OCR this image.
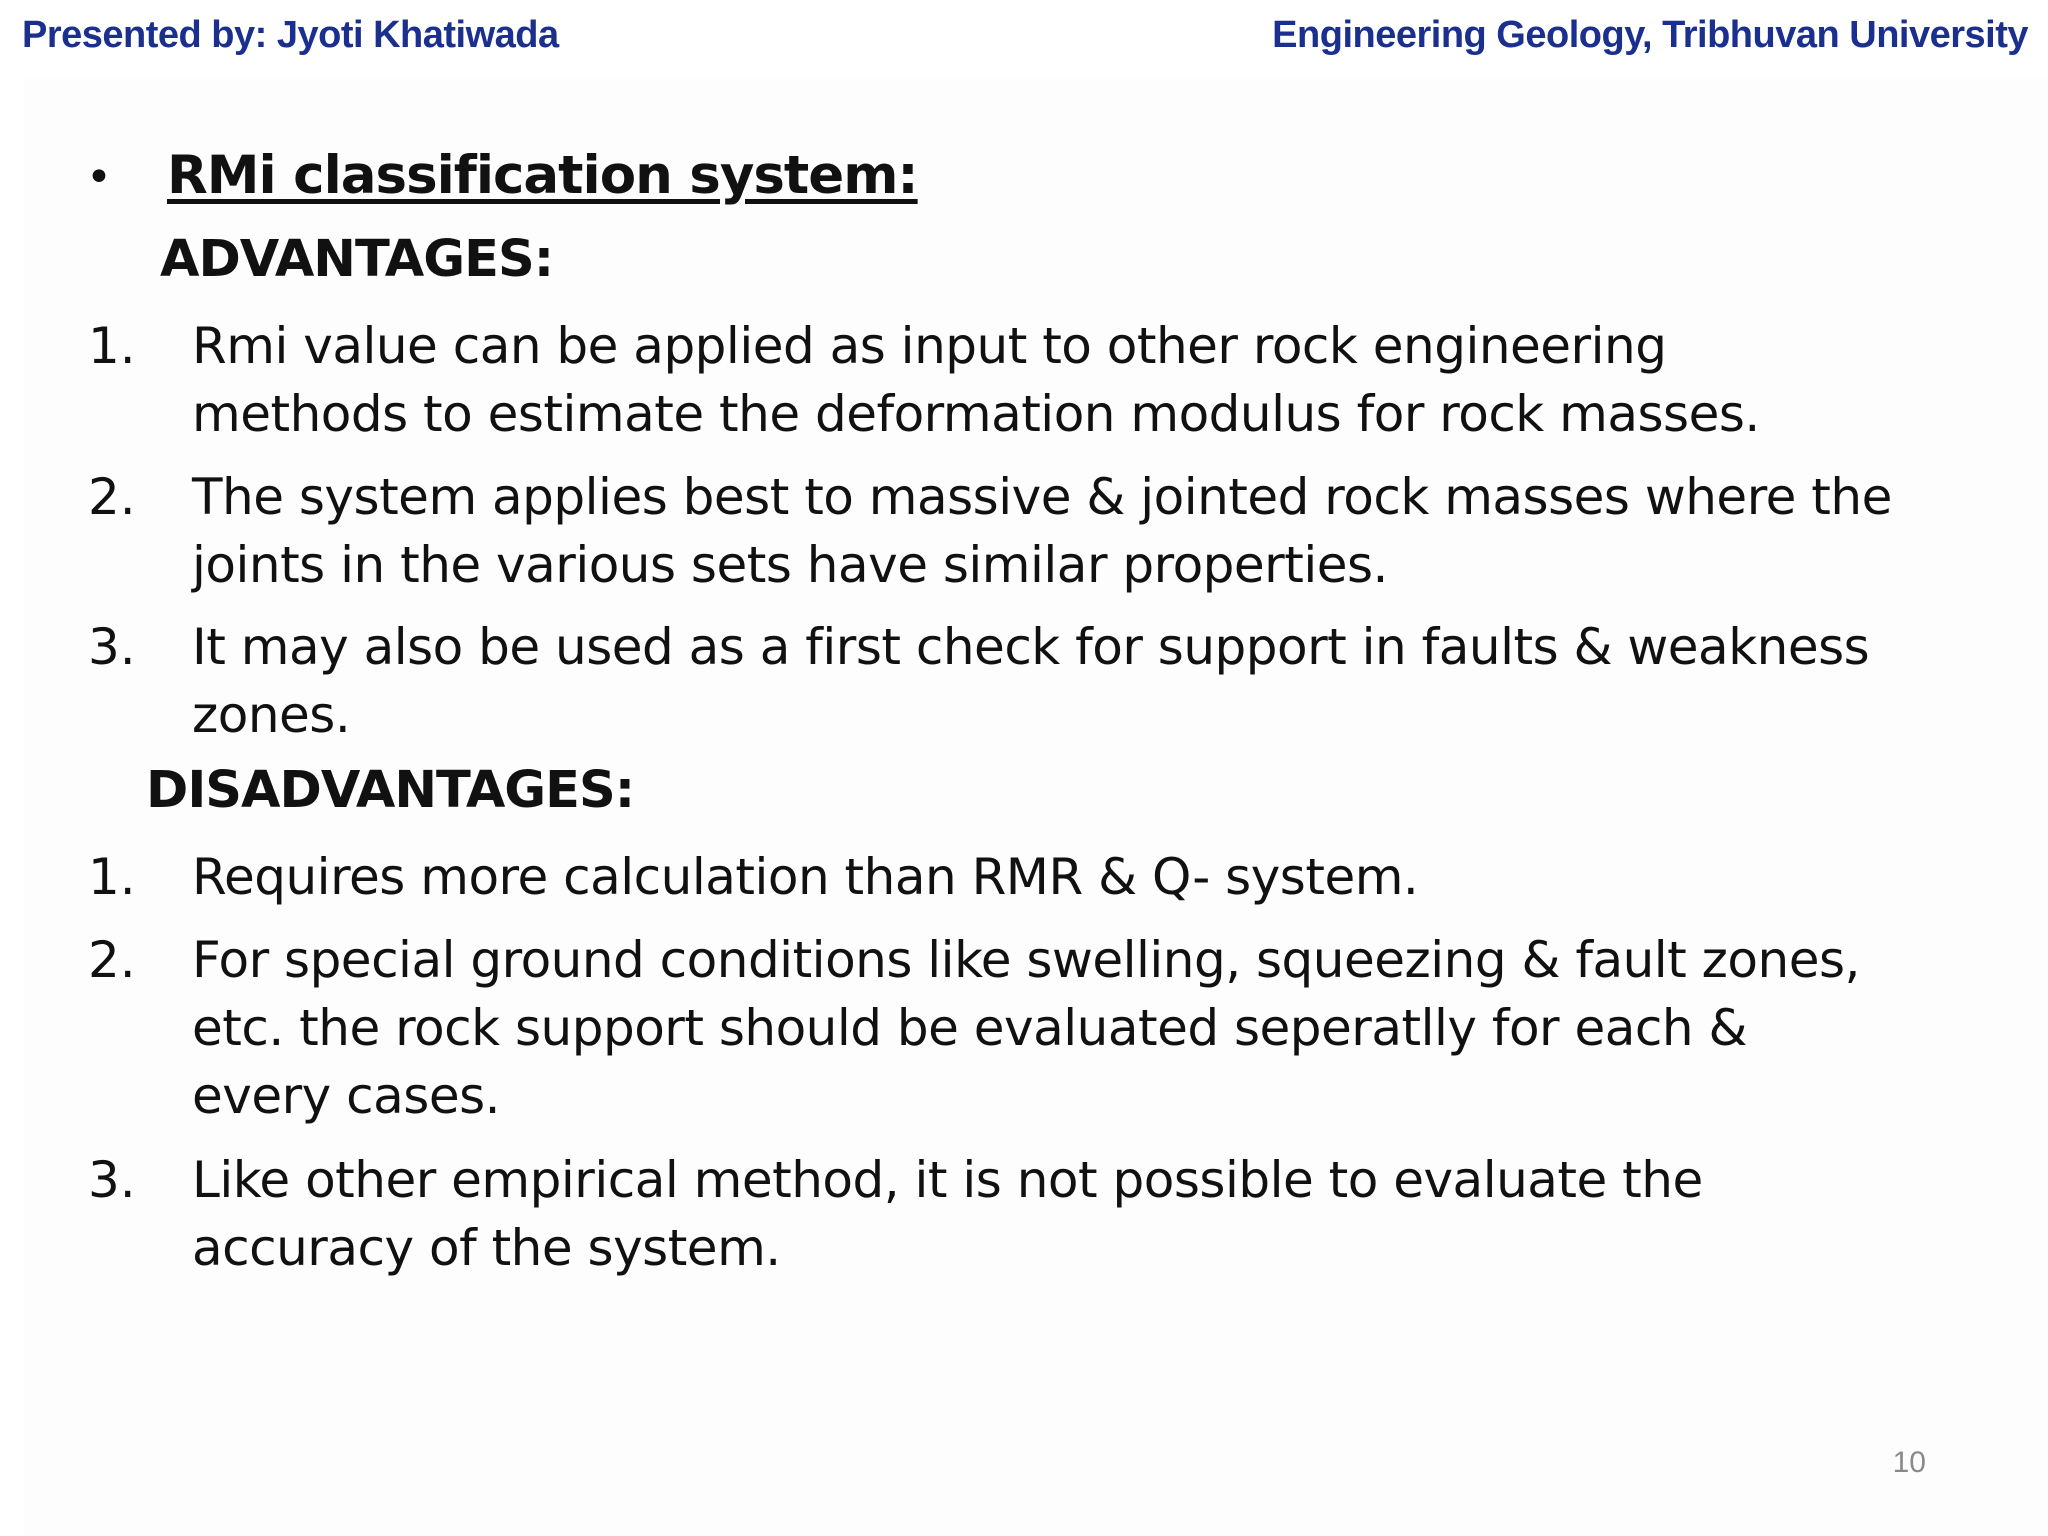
Presented by: Jyoti Khatiwada	Engineering Geology, Tribhuvan University
• RMi classification system:
ADVANTAGES:
1. Rmi value can be applied as input to other rock engineering
methods to estimate the deformation modulus for rock masses.
2. The system applies best to massive & jointed rock masses where the
joints in the various sets have similar properties.
3. It may also be used as a first check for support in faults & weakness
zones.
DISADVANTAGES:
1. Requires more calculation than RMR & Q- system.
2. For special ground conditions like swelling, squeezing & fault zones,
etc. the rock support should be evaluated seperatlly for each &
every cases.
3. Like other empirical method, it is not possible to evaluate the
accuracy of the system.
10
